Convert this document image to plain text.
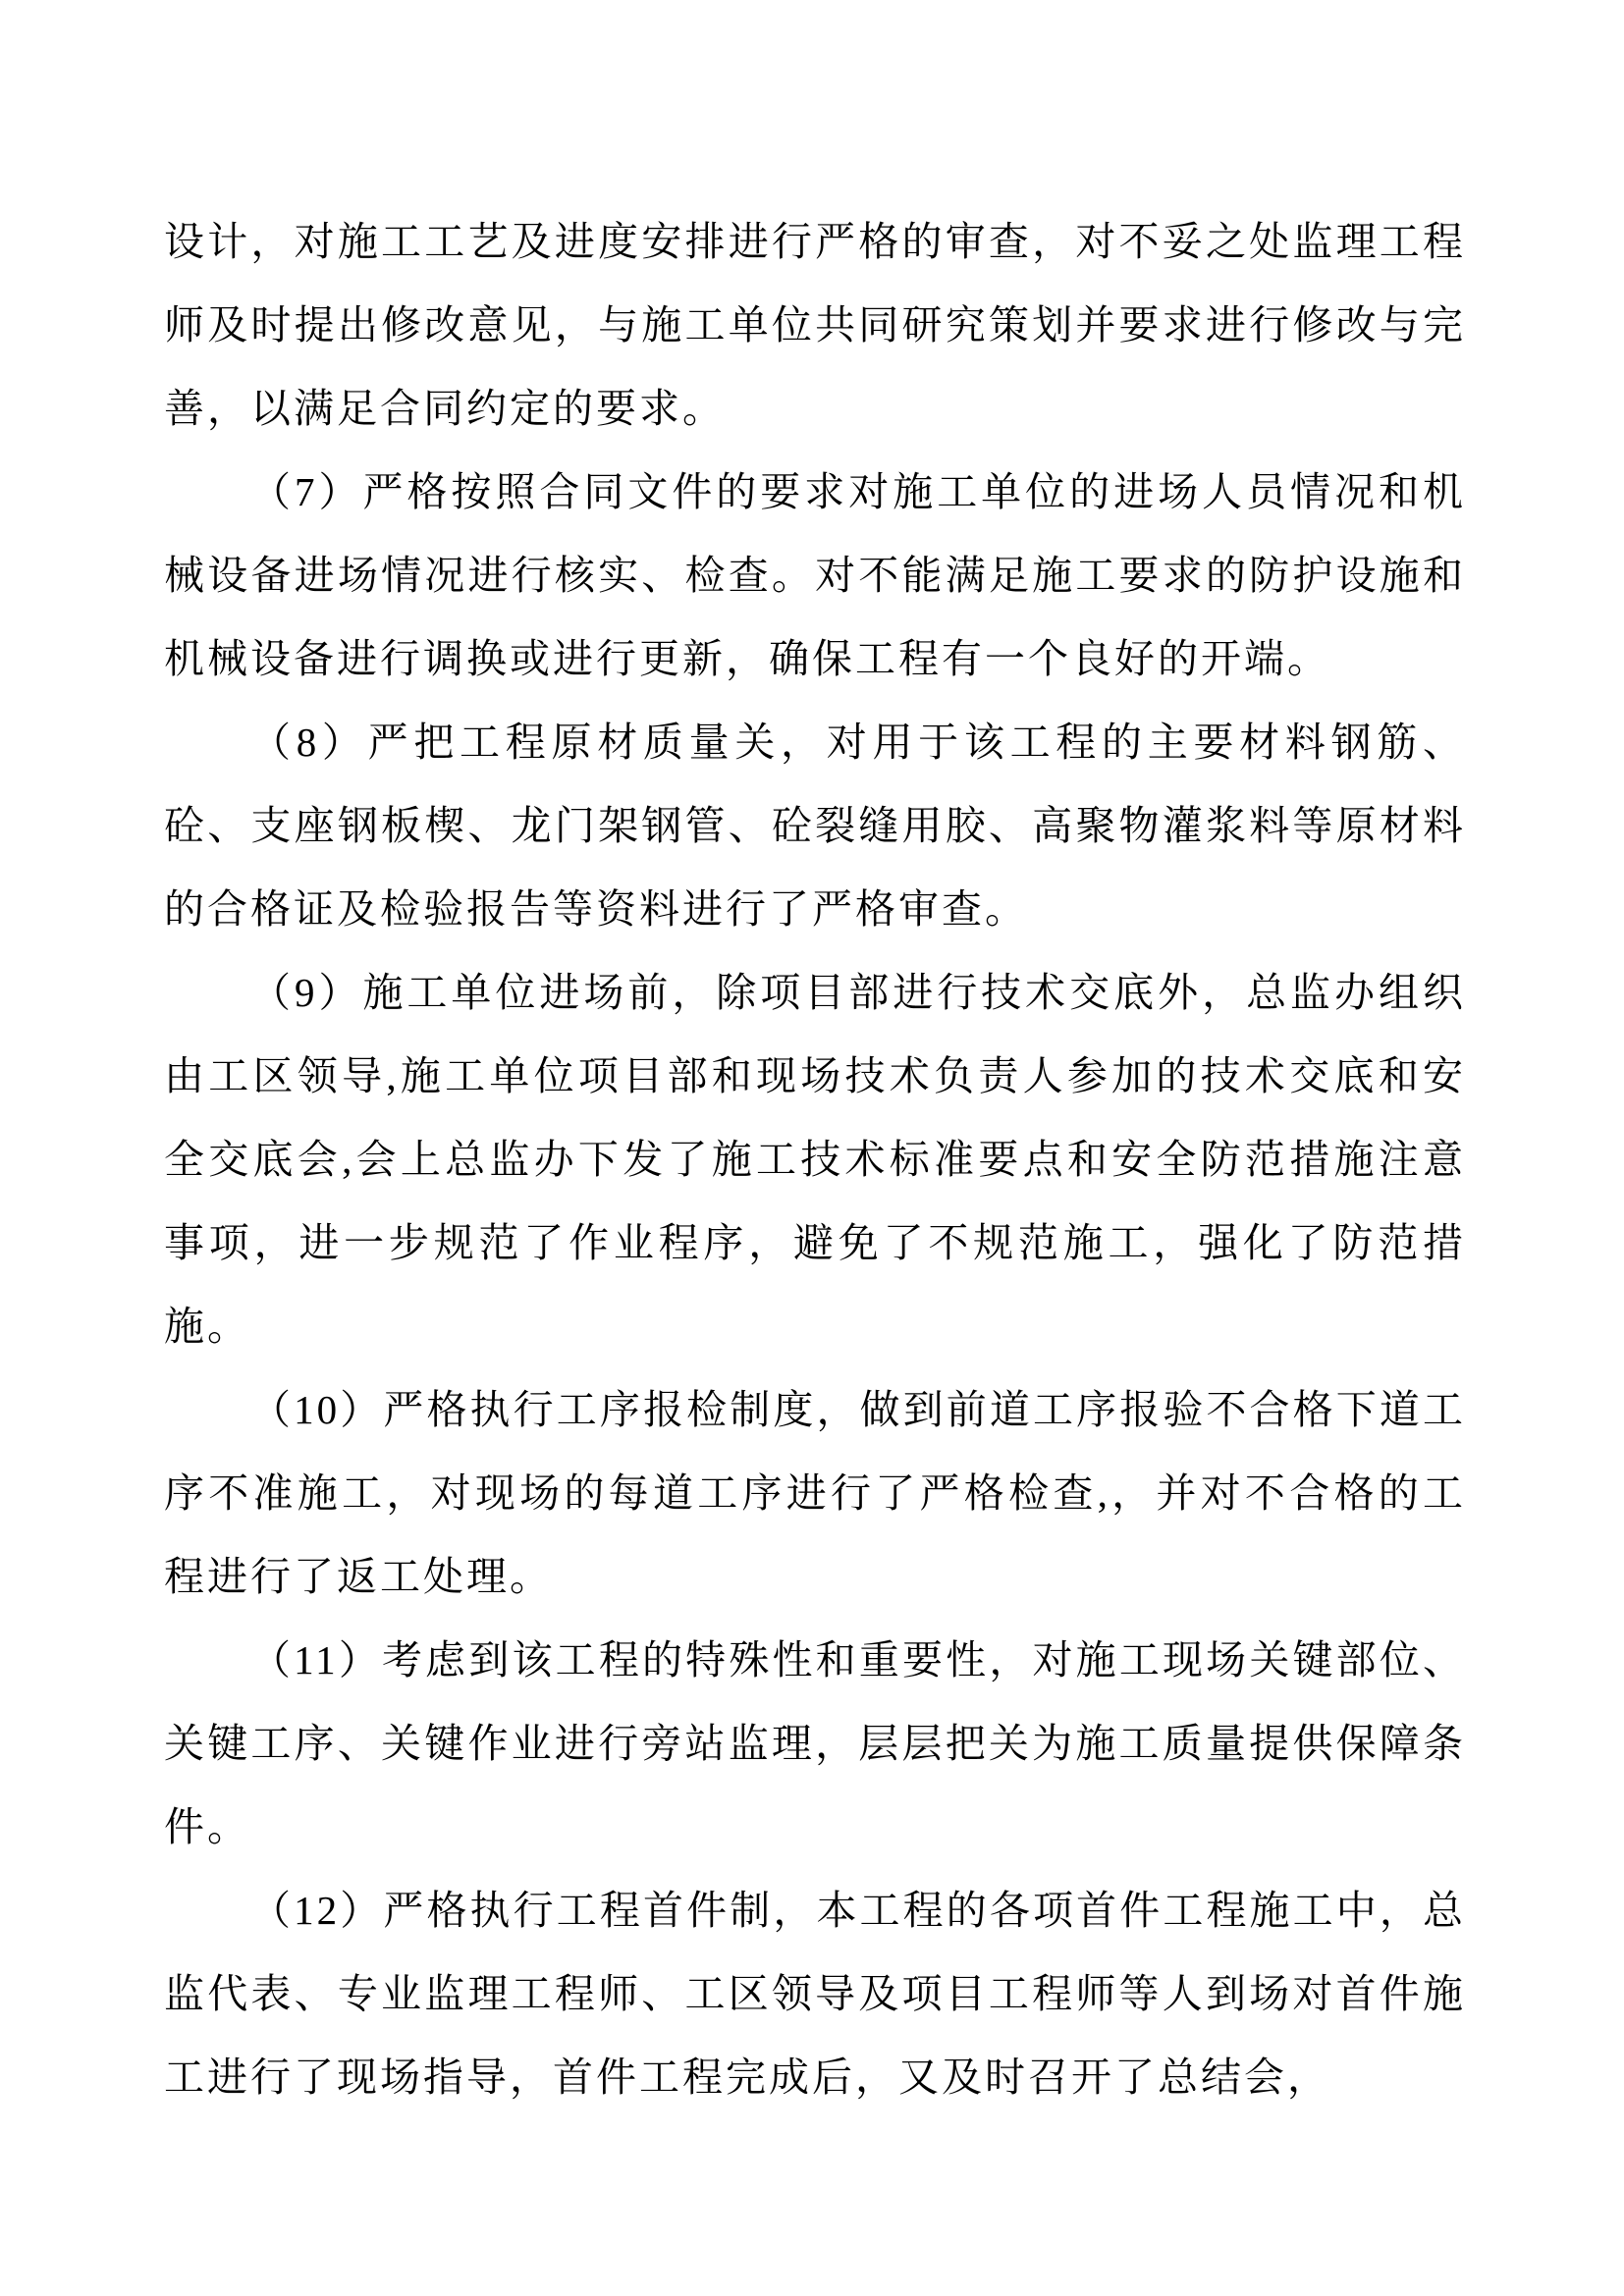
设计，对施工工艺及进度安排进行严格的审查，对不妥之处监理工程师及时提出修改意见，与施工单位共同研究策划并要求进行修改与完善，以满足合同约定的要求。

（7）严格按照合同文件的要求对施工单位的进场人员情况和机械设备进场情况进行核实、检查。对不能满足施工要求的防护设施和机械设备进行调换或进行更新，确保工程有一个良好的开端。

（8）严把工程原材质量关，对用于该工程的主要材料钢筋、砼、支座钢板楔、龙门架钢管、砼裂缝用胶、高聚物灌浆料等原材料的合格证及检验报告等资料进行了严格审查。

（9）施工单位进场前，除项目部进行技术交底外，总监办组织由工区领导,施工单位项目部和现场技术负责人参加的技术交底和安全交底会,会上总监办下发了施工技术标准要点和安全防范措施注意事项，进一步规范了作业程序，避免了不规范施工，强化了防范措施。

（10）严格执行工序报检制度，做到前道工序报验不合格下道工序不准施工，对现场的每道工序进行了严格检查,，并对不合格的工程进行了返工处理。

（11）考虑到该工程的特殊性和重要性，对施工现场关键部位、关键工序、关键作业进行旁站监理，层层把关为施工质量提供保障条件。

（12）严格执行工程首件制，本工程的各项首件工程施工中，总监代表、专业监理工程师、工区领导及项目工程师等人到场对首件施工进行了现场指导，首件工程完成后，又及时召开了总结会，
